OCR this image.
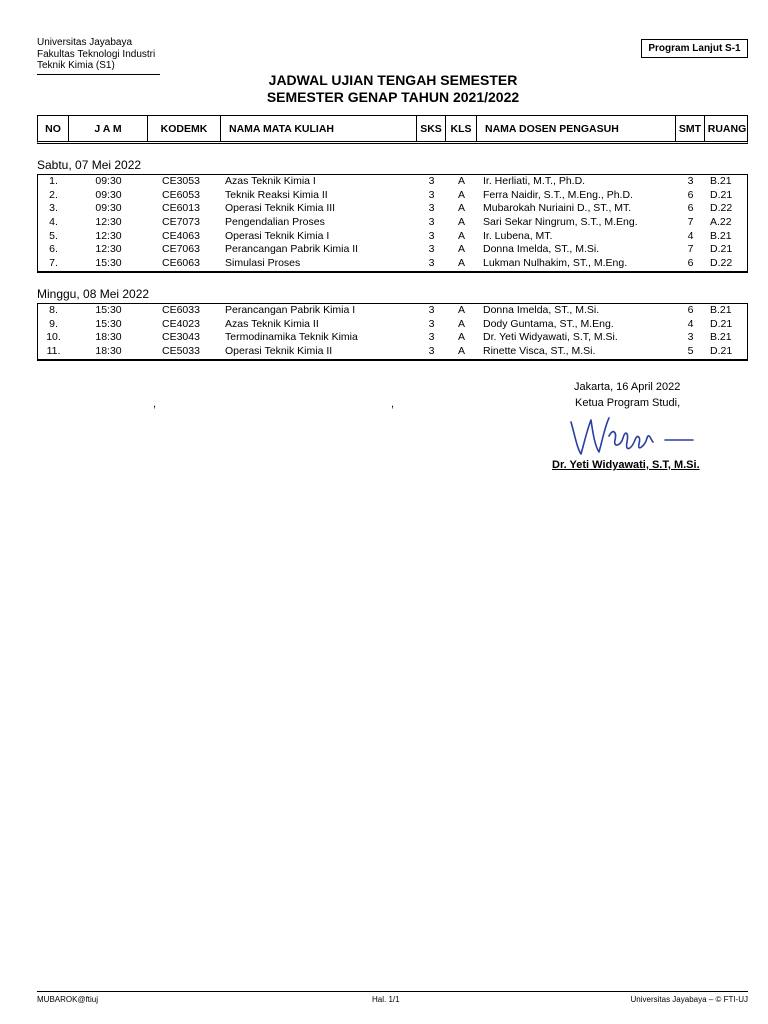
Universitas Jayabaya
Fakultas Teknologi Industri
Teknik Kimia (S1)
Program Lanjut S-1
JADWAL UJIAN TENGAH SEMESTER
SEMESTER GENAP TAHUN 2021/2022
NO	J A M	KODEMK	NAMA MATA KULIAH	SKS KLS	NAMA DOSEN PENGASUH	SMT RUANG
Sabtu, 07 Mei 2022
1.	09:30	CE3053	Azas Teknik Kimia I	3	A	Ir. Herliati, M.T., Ph.D.	3	B.21
2.	09:30	CE6053	Teknik Reaksi Kimia II	3	A	Ferra Naidir, S.T., M.Eng., Ph.D.	6	D.21
3.	09:30	CE6013	Operasi Teknik Kimia III	3	A	Mubarokah Nuriaini D., ST., MT.	6	D.22
4.	12:30	CE7073	Pengendalian Proses	3	A	Sari Sekar Ningrum, S.T., M.Eng.	7	A.22
5.	12:30	CE4063	Operasi Teknik Kimia I	3	A	Ir. Lubena, MT.	4	B.21
6.	12:30	CE7063	Perancangan Pabrik Kimia II	3	A	Donna Imelda, ST., M.Si.	7	D.21
7.	15:30	CE6063	Simulasi Proses	3	A	Lukman Nulhakim, ST., M.Eng.	6	D.22
Minggu, 08 Mei 2022
8.	15:30	CE6033	Perancangan Pabrik Kimia I	3	A	Donna Imelda, ST., M.Si.	6	B.21
9.	15:30	CE4023	Azas Teknik Kimia II	3	A	Dody Guntama, ST., M.Eng.	4	D.21
10.	18:30	CE3043	Termodinamika Teknik Kimia	3	A	Dr. Yeti Widyawati, S.T, M.Si.	3	B.21
11.	18:30	CE5033	Operasi Teknik Kimia II	3	A	Rinette Visca, ST., M.Si.	5	D.21
Jakarta, 16 April 2022
Ketua Program Studi,
,	,
Dr. Yeti Widyawati, S.T, M.Si.
MUBAROK@ftiuj	Hal. 1/1	Universitas Jayabaya – © FTI-UJ
